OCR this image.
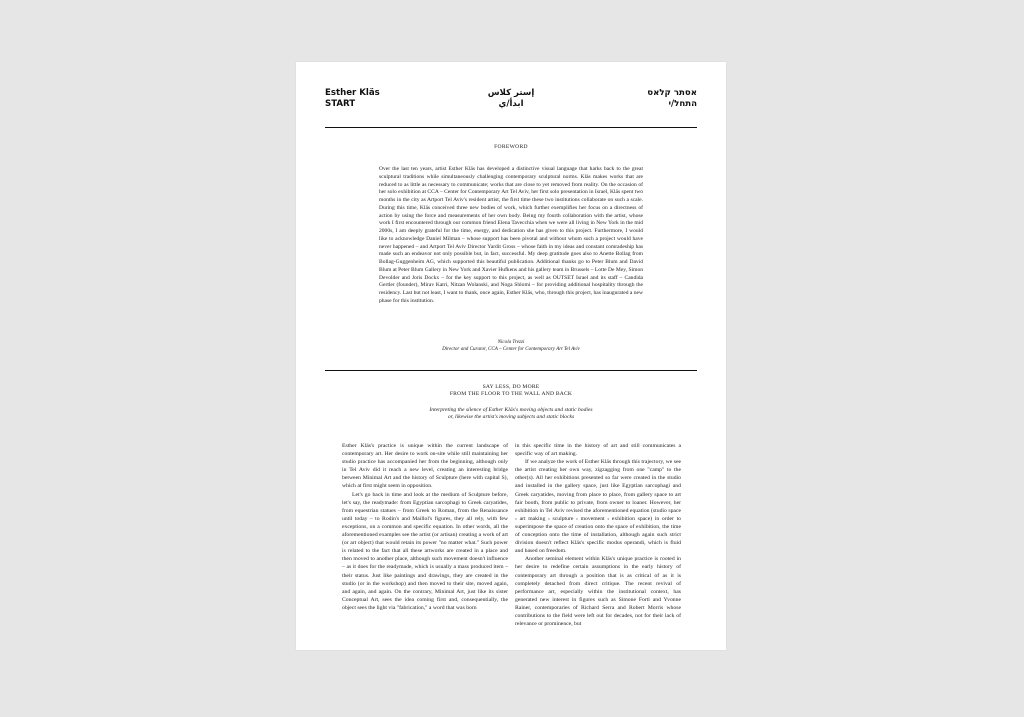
Esther Kläs
START
إستر كلاس
ابدأ/ي
אסתר קלאס
התחל/י
FOREWORD

Over the last ten years, artist Esther Kläs has developed a distinctive visual language that harks back to the great sculptural traditions while simultaneously challenging contemporary sculptural norms. Kläs makes works that are reduced to as little as necessary to communicate; works that are close to yet removed from reality. On the occasion of her solo exhibition at CCA – Center for Contemporary Art Tel Aviv, her first solo presentation in Israel, Kläs spent two months in the city as Artport Tel Aviv's resident artist, the first time these two institutions collaborate on such a scale. During this time, Kläs conceived three new bodies of work, which further exemplifies her focus on a directness of action by using the force and measurements of her own body. Being my fourth collaboration with the artist, whose work I first encountered through our common friend Elena Tavecchia when we were all living in New York in the mid 2000s, I am deeply grateful for the time, energy, and dedication she has given to this project. Furthermore, I would like to acknowledge Daniel Milman – whose support has been pivotal and without whom such a project would have never happened – and Artport Tel Aviv Director Yardit Gross – whose faith in my ideas and constant comradeship has made such an endeavor not only possible but, in fact, successful. My deep gratitude goes also to Anette Bollag from Bollag-Guggenheim AG, which supported this beautiful publication. Additional thanks go to Peter Blum and David Blum at Peter Blum Gallery in New York and Xavier Hufkens and his gallery team in Brussels – Lotte De Mey, Simon Devolder and Joris Dockx – for the key support to this project, as well as OUTSET Israel and its staff – Candida Gertler (founder), Mirav Katri, Nitzan Wolanski, and Noga Shlomi – for providing additional hospitality through the residency. Last but not least, I want to thank, once again, Esther Kläs, who, through this project, has inaugurated a new phase for this institution.

Nicola Trezzi
Director and Curator, CCA – Center for Contemporary Art Tel Aviv
SAY LESS, DO MORE
FROM THE FLOOR TO THE WALL AND BACK
Interpreting the silence of Esther Kläs's moving objects and static bodies
or, likewise the artist's moving subjects and static blocks

Esther Kläs's practice is unique within the current landscape of contemporary art. Her desire to work on-site while still maintaining her studio practice has accompanied her from the beginning, although only in Tel Aviv did it reach a new level, creating an interesting bridge between Minimal Art and the history of Sculpture (here with capital S), which at first might seem in opposition.

Let's go back in time and look at the medium of Sculpture before, let's say, the readymade: from Egyptian sarcophagi to Greek caryatides, from equestrian statues – from Greek to Roman, from the Renaissance until today – to Rodin's and Maillol's figures, they all rely, with few exceptions, on a common and specific equation. In other words, all the aforementioned examples see the artist (or artisan) creating a work of art (or art object) that would retain its power "no matter what." Such power is related to the fact that all these artworks are created in a place and then moved to another place, although such movement doesn't influence – as it does for the readymade, which is usually a mass produced item – their status. Just like paintings and drawings, they are created in the studio (or in the workshop) and then moved to their site, moved again, and again, and again. On the contrary, Minimal Art, just like its sister Conceptual Art, sees the idea coming first and, consequentially, the object sees the light via "fabrication," a word that was born

in this specific time in the history of art and still communicates a specific way of art making.

If we analyze the work of Esther Kläs through this trajectory, we see the artist creating her own way, zigzagging from one "camp" to the other(s). All her exhibitions presented so far were created in the studio and installed in the gallery space, just like Egyptian sarcophagi and Greek caryatides, moving from place to place, from gallery space to art fair booth, from public to private, from owner to loaner. However, her exhibition in Tel Aviv revised the aforementioned equation (studio space › art making › sculpture › movement › exhibition space) in order to superimpose the space of creation onto the space of exhibition, the time of conception onto the time of installation, although again such strict division doesn't reflect Kläs's specific modus operandi, which is fluid and based on freedom.

Another seminal element within Kläs's unique practice is rooted in her desire to redefine certain assumptions in the early history of contemporary art through a position that is as critical of as it is completely detached from direct critique. The recent revival of performance art, especially within the institutional context, has generated new interest in figures such as Simone Forti and Yvonne Rainer, contemporaries of Richard Serra and Robert Morris whose contributions to the field were left out for decades, not for their lack of relevance or prominence, but
